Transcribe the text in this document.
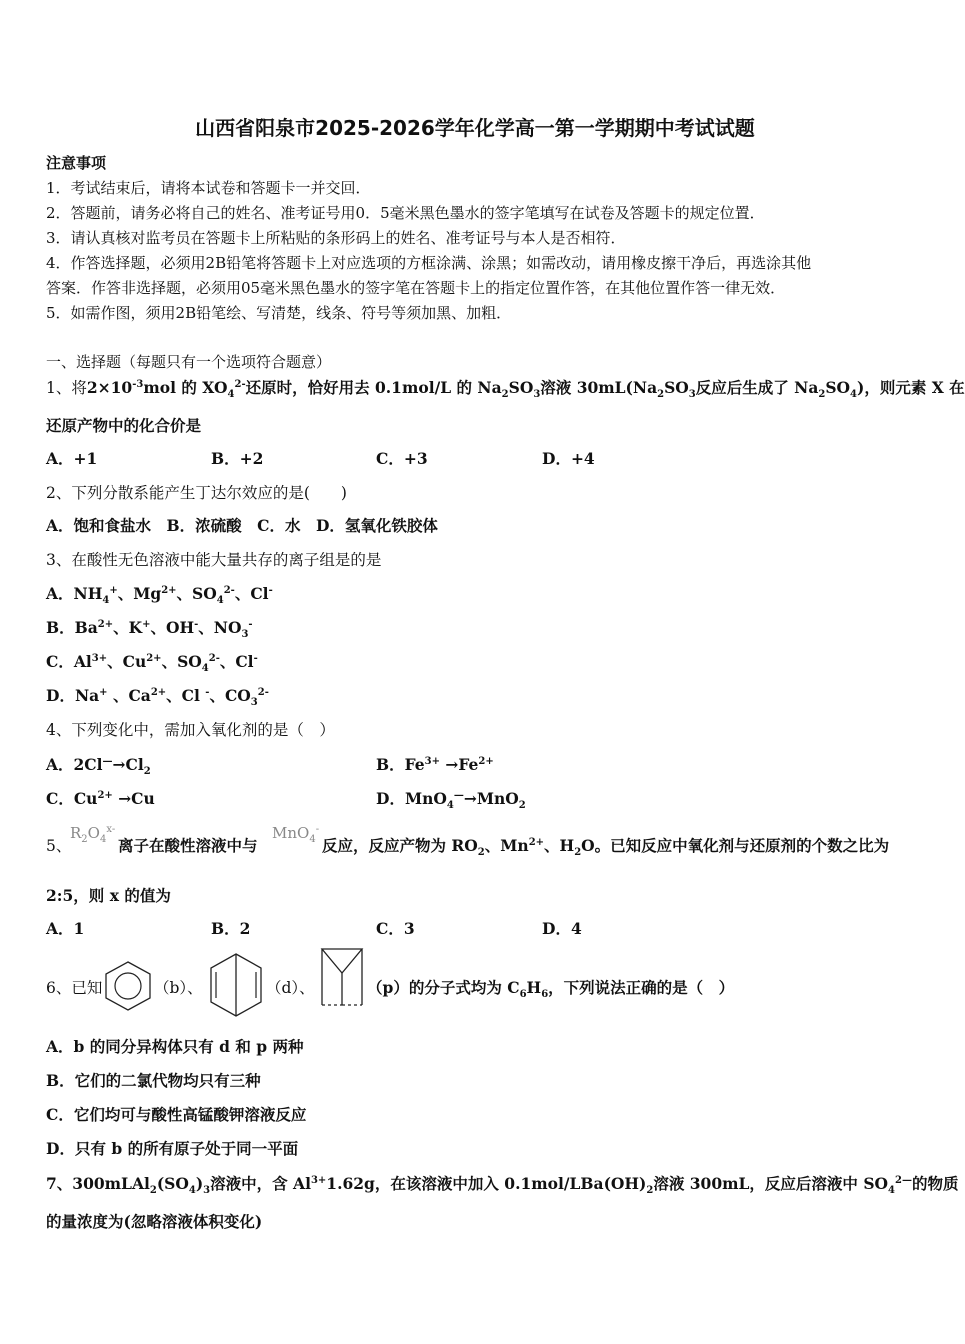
山西省阳泉市2025-2026学年化学高一第一学期期中考试试题
注意事项
1．考试结束后，请将本试卷和答题卡一并交回．
2．答题前，请务必将自己的姓名、准考证号用0．5毫米黑色墨水的签字笔填写在试卷及答题卡的规定位置．
3．请认真核对监考员在答题卡上所粘贴的条形码上的姓名、准考证号与本人是否相符．
4．作答选择题，必须用2B铅笔将答题卡上对应选项的方框涂满、涂黑；如需改动，请用橡皮擦干净后，再选涂其他
答案．作答非选择题，必须用05毫米黑色墨水的签字笔在答题卡上的指定位置作答，在其他位置作答一律无效．
5．如需作图，须用2B铅笔绘、写清楚，线条、符号等须加黑、加粗．
一、选择题（每题只有一个选项符合题意）
1、将$2\times 10^{-3}mol$ 的 $XO_4^{2-}$还原时，恰好用去 0.1mol/L 的 $Na_2SO_3$溶液 $30mL(Na_2SO_3$反应后生成了 $Na_2SO_4$)，则元素 X 在
还原产物中的化合价是
A．+1	B．+2	C．+3	D．+4
2、下列分散系能产生丁达尔效应的是(　　)
A．饱和食盐水　B．浓硫酸　C．水　D．氢氧化铁胶体
3、在酸性无色溶液中能大量共存的离子组是的是
A．$NH_4^+$、$Mg^{2+}$、$SO_4^{2-}$、Cl-
B．$Ba^{2+}$、K+、OH-、$NO_3^-$
C．$Al^{3+}$、$Cu^{2+}$、$SO_4^{2-}$、Cl-
D．Na+ 、$Ca^{2+}$、Cl -、$CO_3^{2-}$
4、下列变化中，需加入氧化剂的是（　）
A．$2Cl^—\to Cl_2$	B．$Fe^{3+} \to Fe^{2+}$
C．$Cu^{2+} \to Cu$	D．MnO$_4$—→MnO$_2$
5、
$R_2O_4^{x-}$
离子在酸性溶液中与
MnO$_4$-
反应，反应产物为 $RO_2$、$Mn^{2+}$、$H_2O$。已知反应中氧化剂与还原剂的个数之比为
2:5，则 x 的值为
A．1	B．2	C．3	D．4
6、已知	（b）、	（d）、	（p）的分子式均为 $C_6H_6$，下列说法正确的是（　）
A．b 的同分异构体只有 d 和 p 两种
B．它们的二氯代物均只有三种
C．它们均可与酸性高锰酸钾溶液反应
D．只有 b 的所有原子处于同一平面
7、$300mLAl_2(SO_4)_3$溶液中，含 $Al^{3+}1.62g$，在该溶液中加入 $0.1mol/LBa(OH)_2$溶液 300mL，反应后溶液中 $SO_4^{2—}$的物质
的量浓度为(忽略溶液体积变化)
